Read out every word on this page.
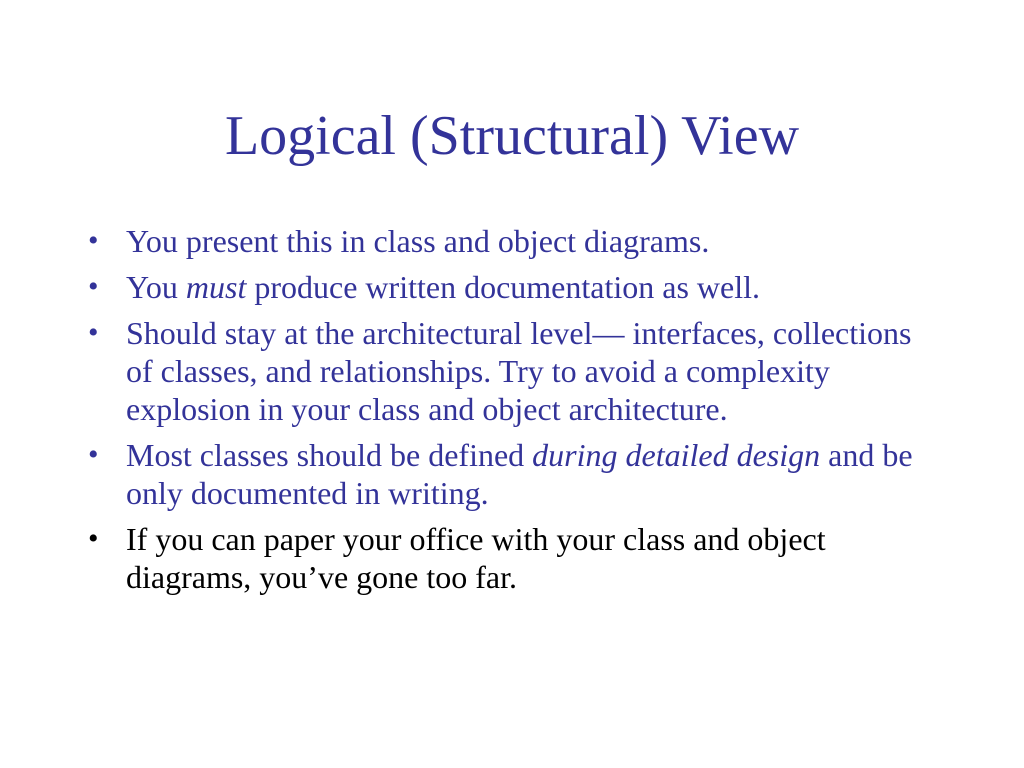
Logical (Structural) View
• You present this in class and object diagrams.
• You must produce written documentation as well.
• Should stay at the architectural level— interfaces, collections of classes, and relationships. Try to avoid a complexity explosion in your class and object architecture.
• Most classes should be defined during detailed design and be only documented in writing.
• If you can paper your office with your class and object diagrams, you’ve gone too far.
